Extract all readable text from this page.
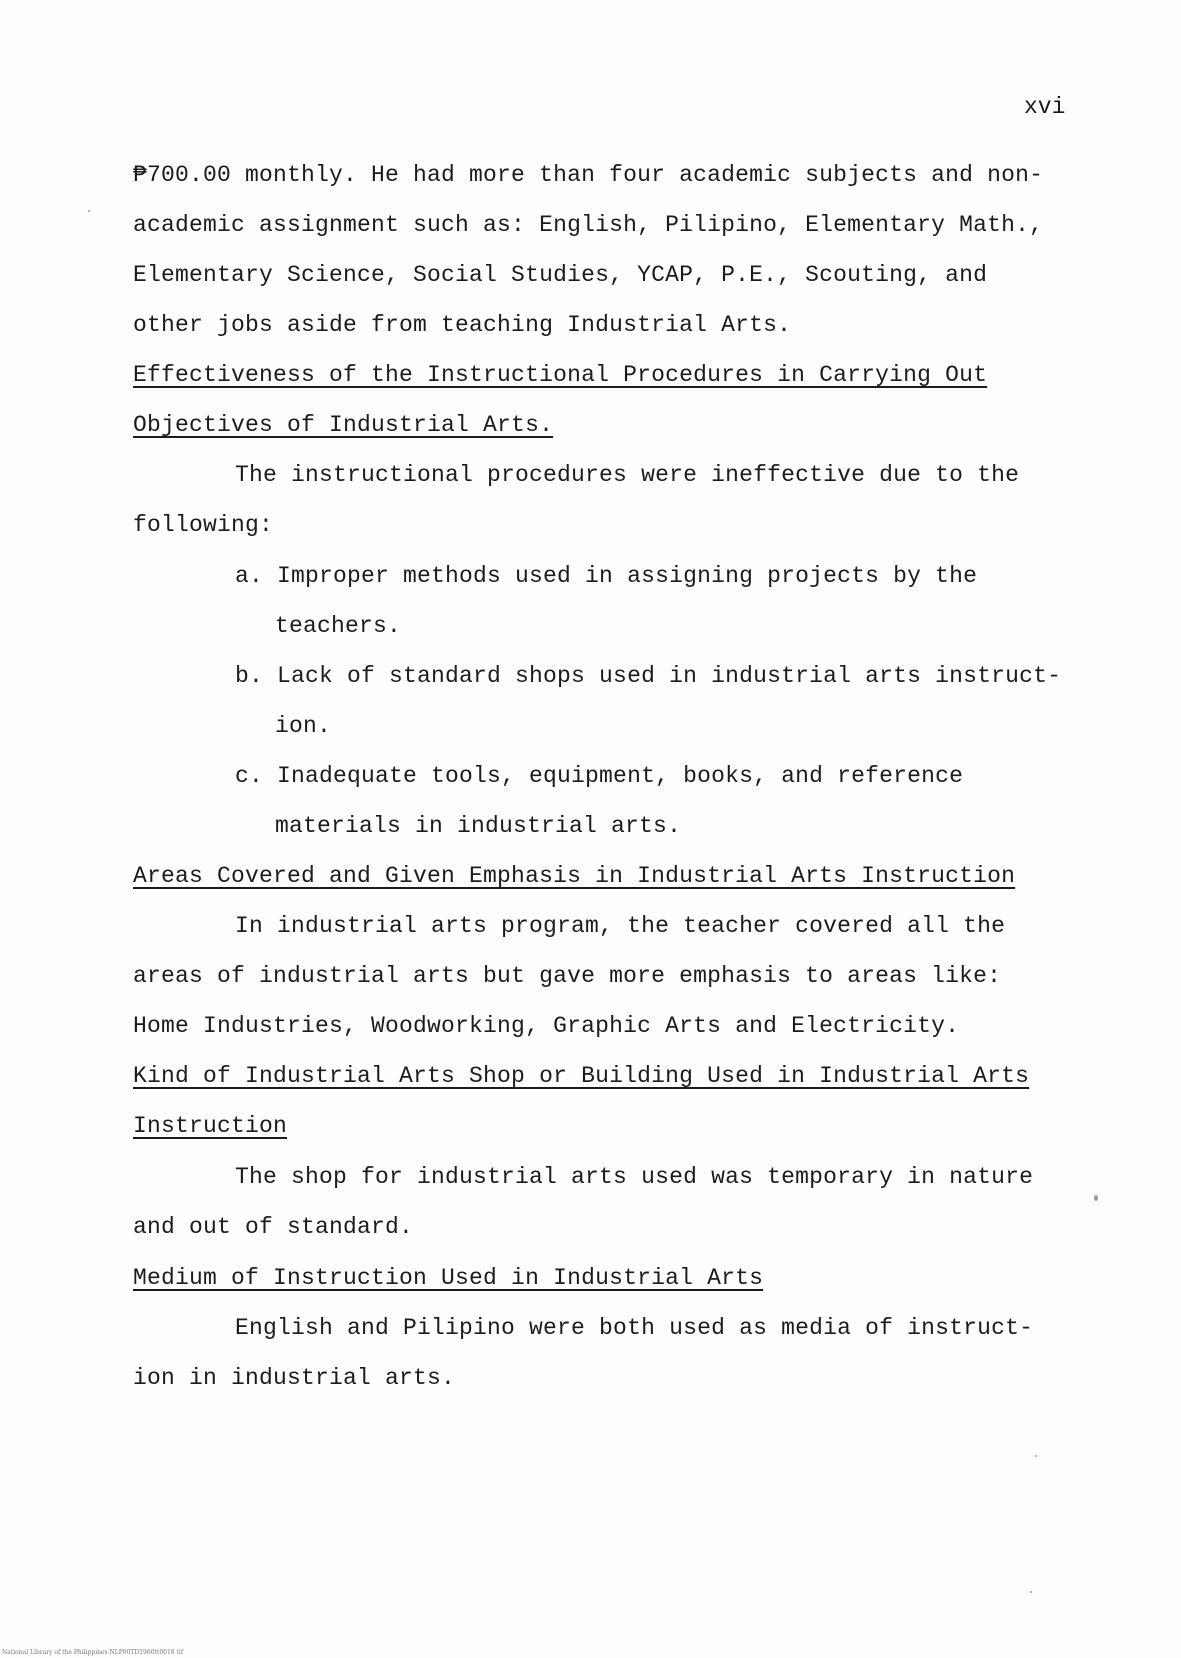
xvi
₱700.00 monthly. He had more than four academic subjects and non-
academic assignment such as: English, Pilipino, Elementary Math.,
Elementary Science, Social Studies, YCAP, P.E., Scouting, and
other jobs aside from teaching Industrial Arts.
Effectiveness of the Instructional Procedures in Carrying Out
Objectives of Industrial Arts.
The instructional procedures were ineffective due to the
following:
a. Improper methods used in assigning projects by the
teachers.
b. Lack of standard shops used in industrial arts instruct-
ion.
c. Inadequate tools, equipment, books, and reference
materials in industrial arts.
Areas Covered and Given Emphasis in Industrial Arts Instruction
In industrial arts program, the teacher covered all the
areas of industrial arts but gave more emphasis to areas like:
Home Industries, Woodworking, Graphic Arts and Electricity.
Kind of Industrial Arts Shop or Building Used in Industrial Arts
Instruction
The shop for industrial arts used was temporary in nature
and out of standard.
Medium of Instruction Used in Industrial Arts
English and Pilipino were both used as media of instruct-
ion in industrial arts.
National Library of the Philippines NLP00TD1960tt0018 tif
